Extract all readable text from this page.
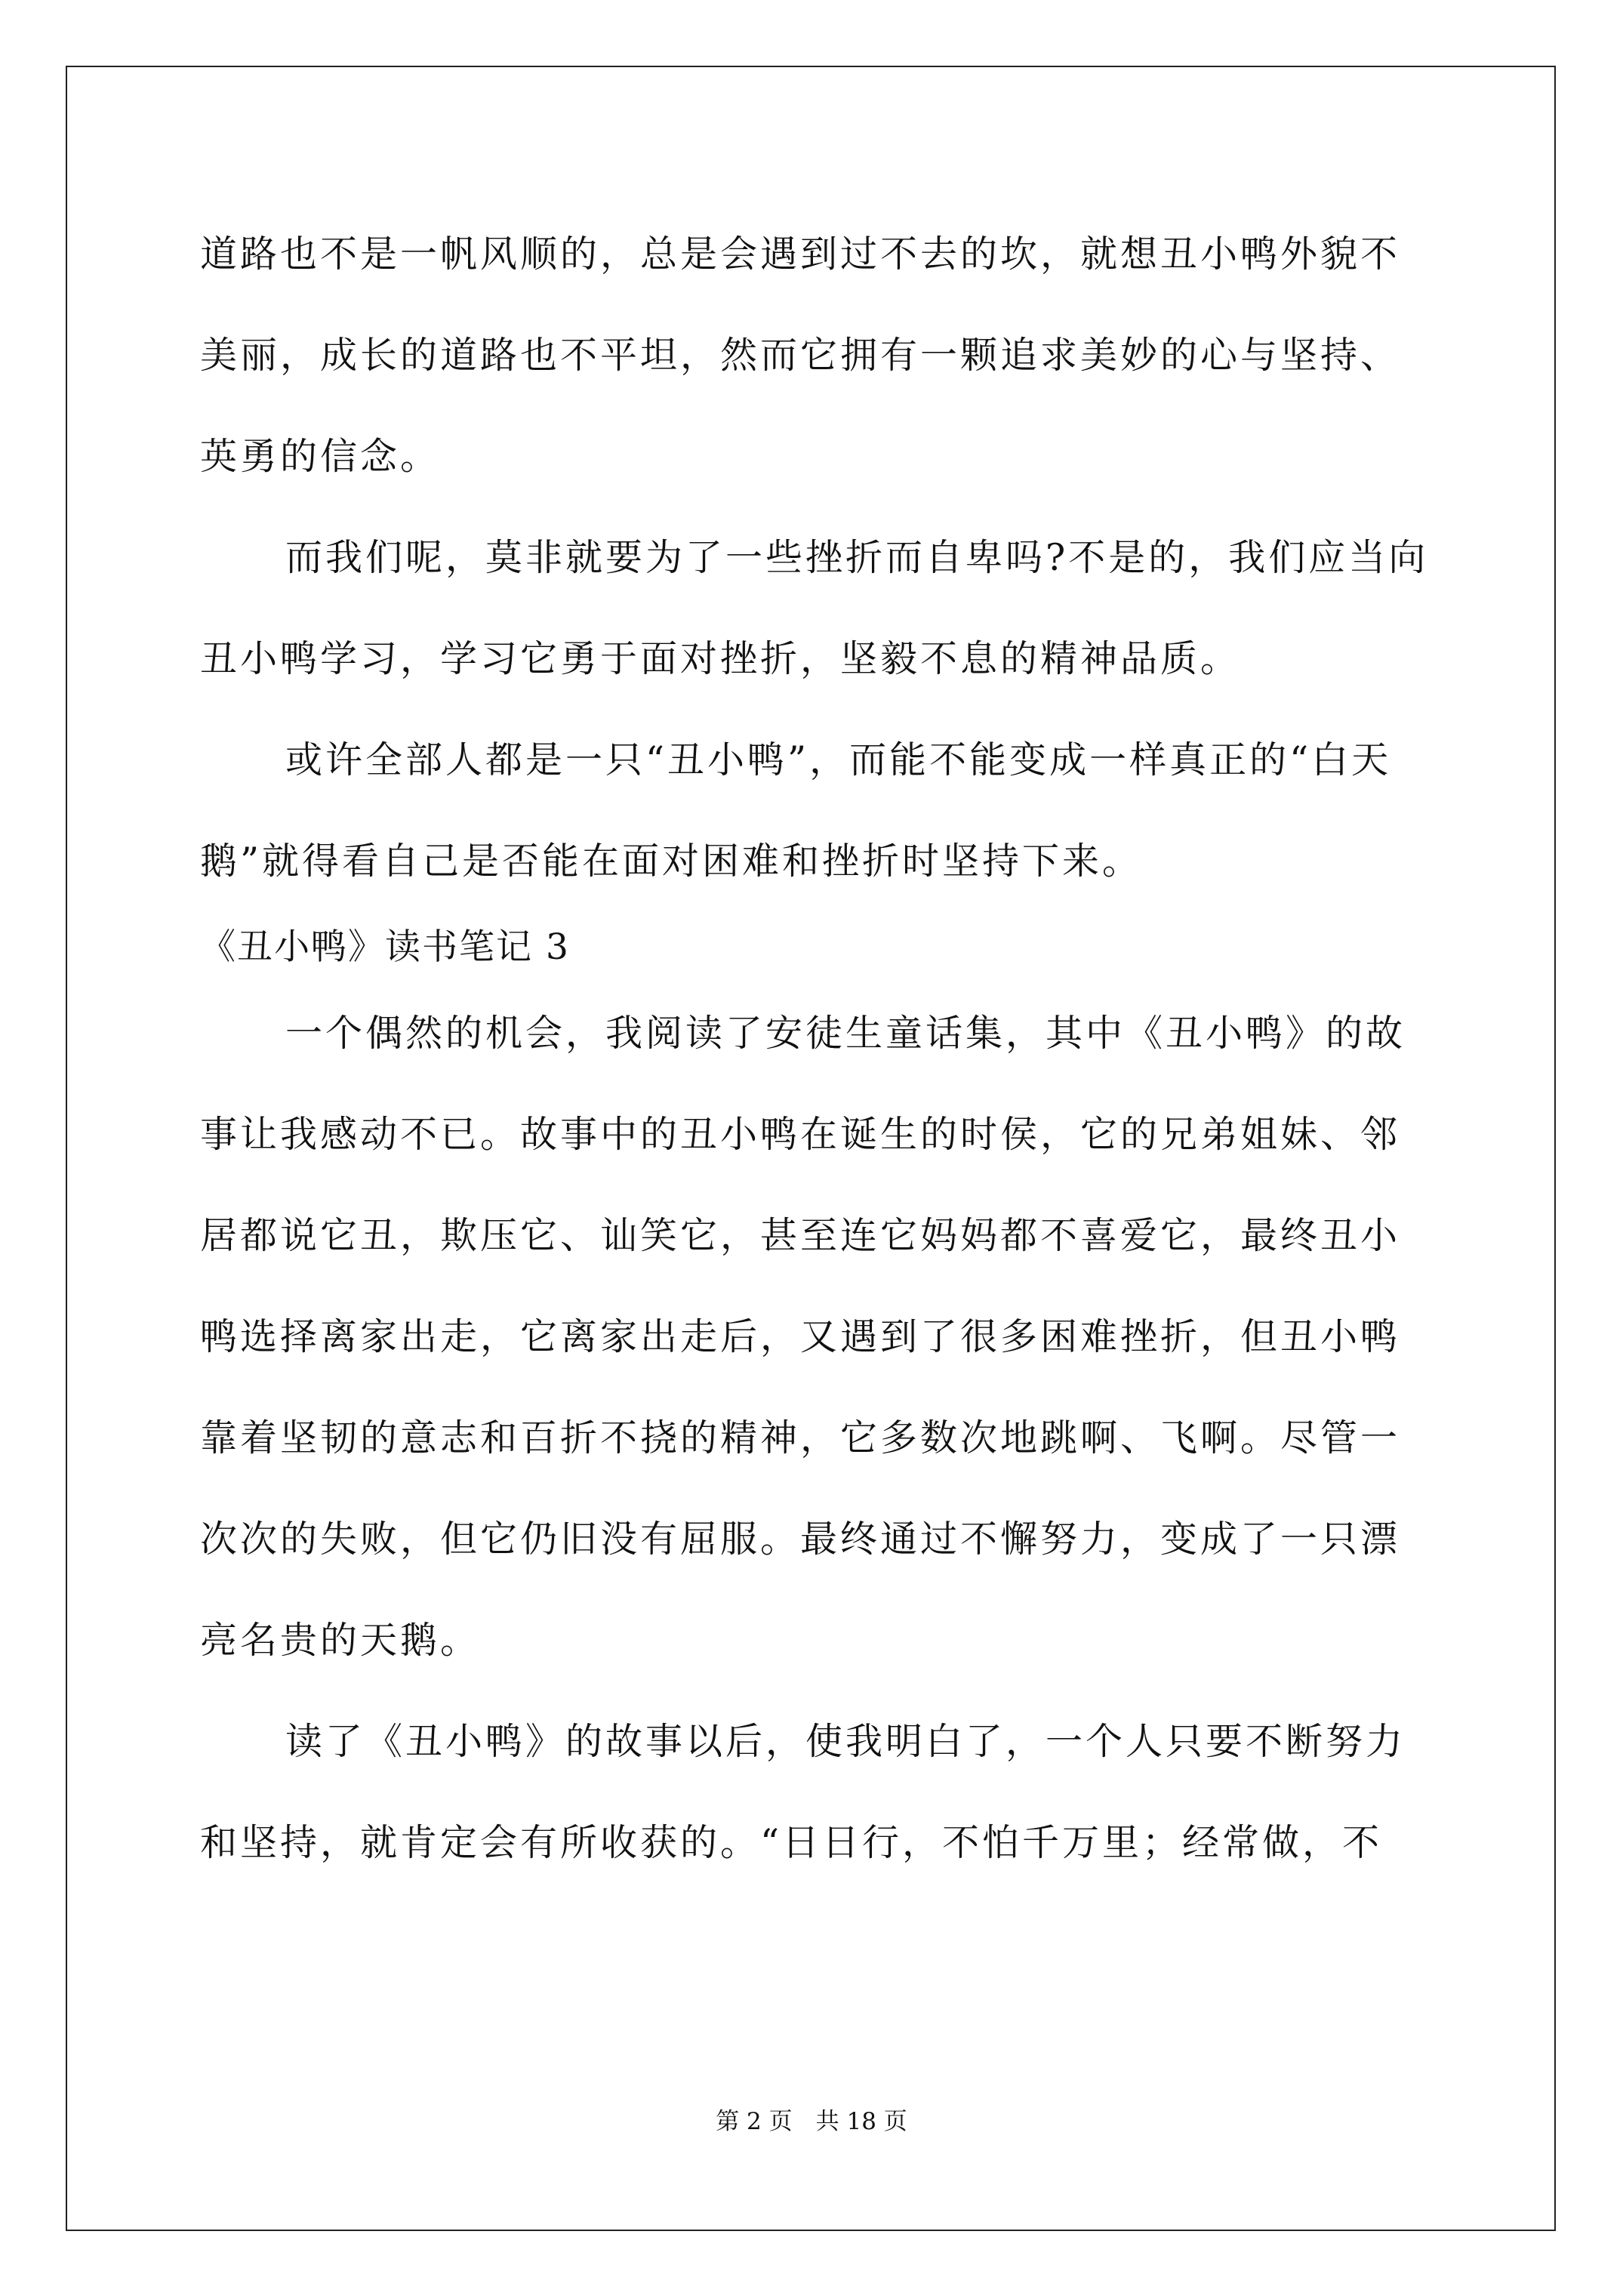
道路也不是一帆风顺的，总是会遇到过不去的坎，就想丑小鸭外貌不
美丽，成长的道路也不平坦，然而它拥有一颗追求美妙的心与坚持、
英勇的信念。
而我们呢，莫非就要为了一些挫折而自卑吗?不是的，我们应当向
丑小鸭学习，学习它勇于面对挫折，坚毅不息的精神品质。
或许全部人都是一只“丑小鸭”，而能不能变成一样真正的“白天
鹅”就得看自己是否能在面对困难和挫折时坚持下来。
《丑小鸭》读书笔记 3
一个偶然的机会，我阅读了安徒生童话集，其中《丑小鸭》的故
事让我感动不已。故事中的丑小鸭在诞生的时侯，它的兄弟姐妹、邻
居都说它丑，欺压它、讪笑它，甚至连它妈妈都不喜爱它，最终丑小
鸭选择离家出走，它离家出走后，又遇到了很多困难挫折，但丑小鸭
靠着坚韧的意志和百折不挠的精神，它多数次地跳啊、飞啊。尽管一
次次的失败，但它仍旧没有屈服。最终通过不懈努力，变成了一只漂
亮名贵的天鹅。
读了《丑小鸭》的故事以后，使我明白了，一个人只要不断努力
和坚持，就肯定会有所收获的。“日日行，不怕千万里；经常做，不
第 2 页　共 18 页
